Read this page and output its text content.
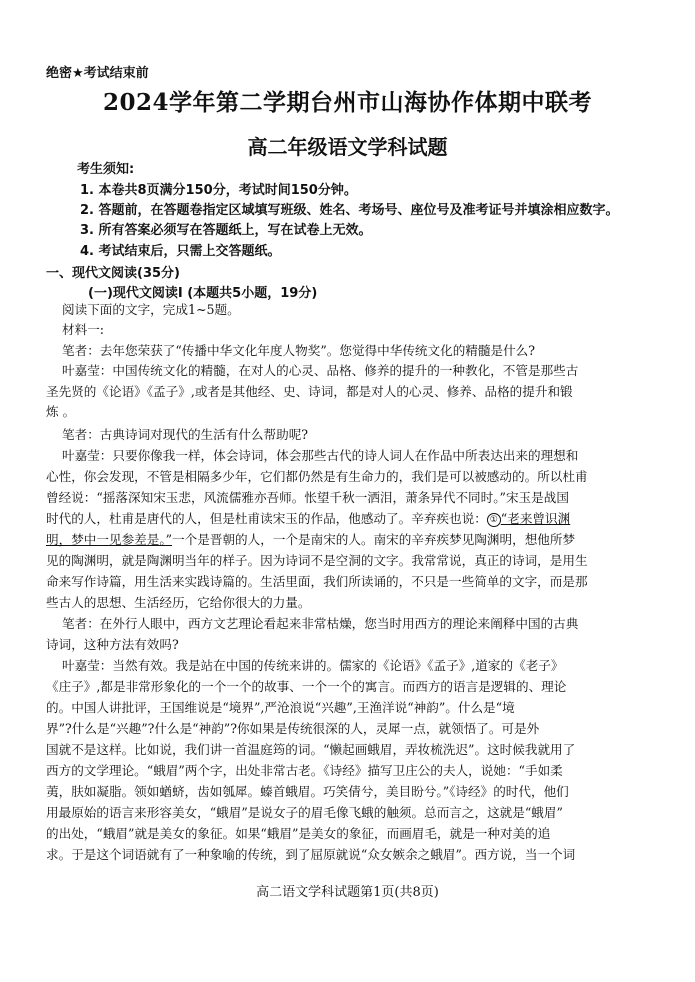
绝密★考试结束前
2024学年第二学期台州市山海协作体期中联考
高二年级语文学科试题
考生须知:
1. 本卷共8页满分150分，考试时间150分钟。
2. 答题前，在答题卷指定区域填写班级、姓名、考场号、座位号及准考证号并填涂相应数字。
3. 所有答案必须写在答题纸上，写在试卷上无效。
4. 考试结束后，只需上交答题纸。
一、现代文阅读(35分)
(一)现代文阅读I (本题共5小题，19分)
阅读下面的文字，完成1~5题。
材料一:
笔者：去年您荣获了“传播中华文化年度人物奖”。您觉得中华传统文化的精髓是什么?
叶嘉莹：中国传统文化的精髓，在对人的心灵、品格、修养的提升的一种教化，不管是那些古
圣先贤的《论语》《孟子》,或者是其他经、史、诗词，都是对人的心灵、修养、品格的提升和锻
炼 。
笔者：古典诗词对现代的生活有什么帮助呢?
叶嘉莹：只要你像我一样，体会诗词，体会那些古代的诗人词人在作品中所表达出来的理想和
心性，你会发现，不管是相隔多少年，它们都仍然是有生命力的，我们是可以被感动的。所以杜甫
曾经说：“摇落深知宋玉悲，风流儒雅亦吾师。怅望千秋一洒泪，萧条异代不同时。”宋玉是战国
时代的人，杜甫是唐代的人，但是杜甫读宋玉的作品，他感动了。辛弃疾也说： ① “老来曾识渊
明，梦中一见参差是。”一个是晋朝的人，一个是南宋的人。南宋的辛弃疾梦见陶渊明，想他所梦
见的陶渊明，就是陶渊明当年的样子。因为诗词不是空洞的文字。我常常说，真正的诗词，是用生
命来写作诗篇，用生活来实践诗篇的。生活里面，我们所读诵的，不只是一些简单的文字，而是那
些古人的思想、生活经历，它给你很大的力量。
笔者：在外行人眼中，西方文艺理论看起来非常枯燥，您当时用西方的理论来阐释中国的古典
诗词，这种方法有效吗?
叶嘉莹：当然有效。我是站在中国的传统来讲的。儒家的《论语》《孟子》,道家的《老子》
《庄子》,都是非常形象化的一个一个的故事、一个一个的寓言。而西方的语言是逻辑的、理论
的。中国人讲批评，王国维说是“境界”,严沧浪说“兴趣”,王渔洋说“神韵”。什么是“境
界”?什么是“兴趣”?什么是“神韵”?你如果是传统很深的人，灵犀一点，就领悟了。可是外
国就不是这样。比如说，我们讲一首温庭筠的词。“懒起画蛾眉，弄妆梳洗迟”。这时候我就用了
西方的文学理论。“蛾眉”两个字，出处非常古老。《诗经》描写卫庄公的夫人，说她：“手如柔
荑，肤如凝脂。领如蝤蛴，齿如瓠犀。螓首蛾眉。巧笑倩兮，美目盼兮。”《诗经》的时代，他们
用最原始的语言来形容美女，“蛾眉”是说女子的眉毛像飞蛾的触须。总而言之，这就是“蛾眉”
的出处，“蛾眉”就是美女的象征。如果“蛾眉”是美女的象征，而画眉毛，就是一种对美的追
求。于是这个词语就有了一种象喻的传统，到了屈原就说“众女嫉余之蛾眉”。西方说，当一个词
高二语文学科试题第1页(共8页)
